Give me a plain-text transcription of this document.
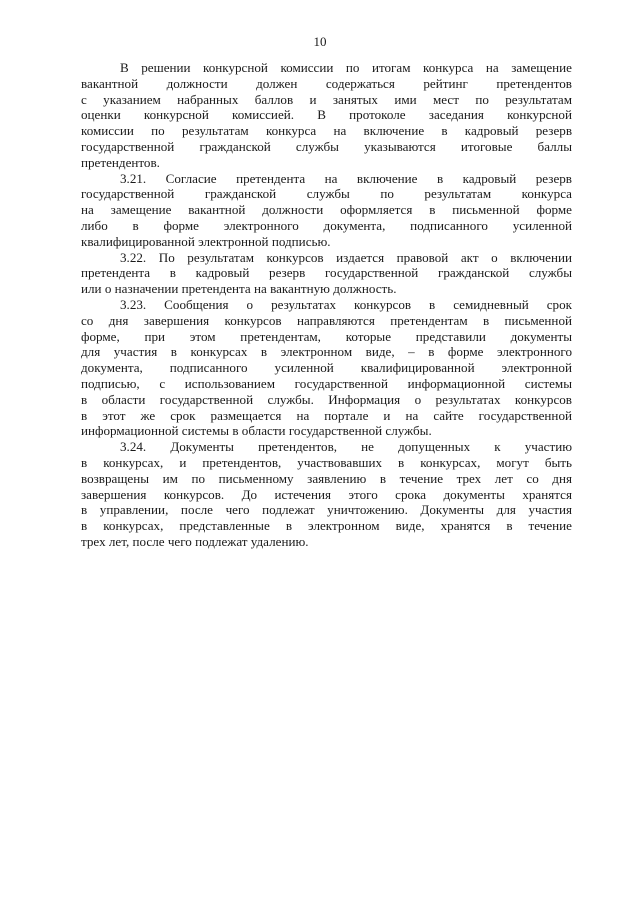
10

В решении конкурсной комиссии по итогам конкурса на замещение
вакантной должности должен содержаться рейтинг претендентов
с указанием набранных баллов и занятых ими мест по результатам
оценки конкурсной комиссией. В протоколе заседания конкурсной
комиссии по результатам конкурса на включение в кадровый резерв
государственной гражданской службы указываются итоговые баллы
претендентов.

3.21. Согласие претендента на включение в кадровый резерв
государственной гражданской службы по результатам конкурса
на замещение вакантной должности оформляется в письменной форме
либо в форме электронного документа, подписанного усиленной
квалифицированной электронной подписью.

3.22. По результатам конкурсов издается правовой акт о включении
претендента в кадровый резерв государственной гражданской службы
или о назначении претендента на вакантную должность.

3.23. Сообщения о результатах конкурсов в семидневный срок
со дня завершения конкурсов направляются претендентам в письменной
форме, при этом претендентам, которые представили документы
для участия в конкурсах в электронном виде, – в форме электронного
документа, подписанного усиленной квалифицированной электронной
подписью, с использованием государственной информационной системы
в области государственной службы. Информация о результатах конкурсов
в этот же срок размещается на портале и на сайте государственной
информационной системы в области государственной службы.

3.24. Документы претендентов, не допущенных к участию
в конкурсах, и претендентов, участвовавших в конкурсах, могут быть
возвращены им по письменному заявлению в течение трех лет со дня
завершения конкурсов. До истечения этого срока документы хранятся
в управлении, после чего подлежат уничтожению. Документы для участия
в конкурсах, представленные в электронном виде, хранятся в течение
трех лет, после чего подлежат удалению.
